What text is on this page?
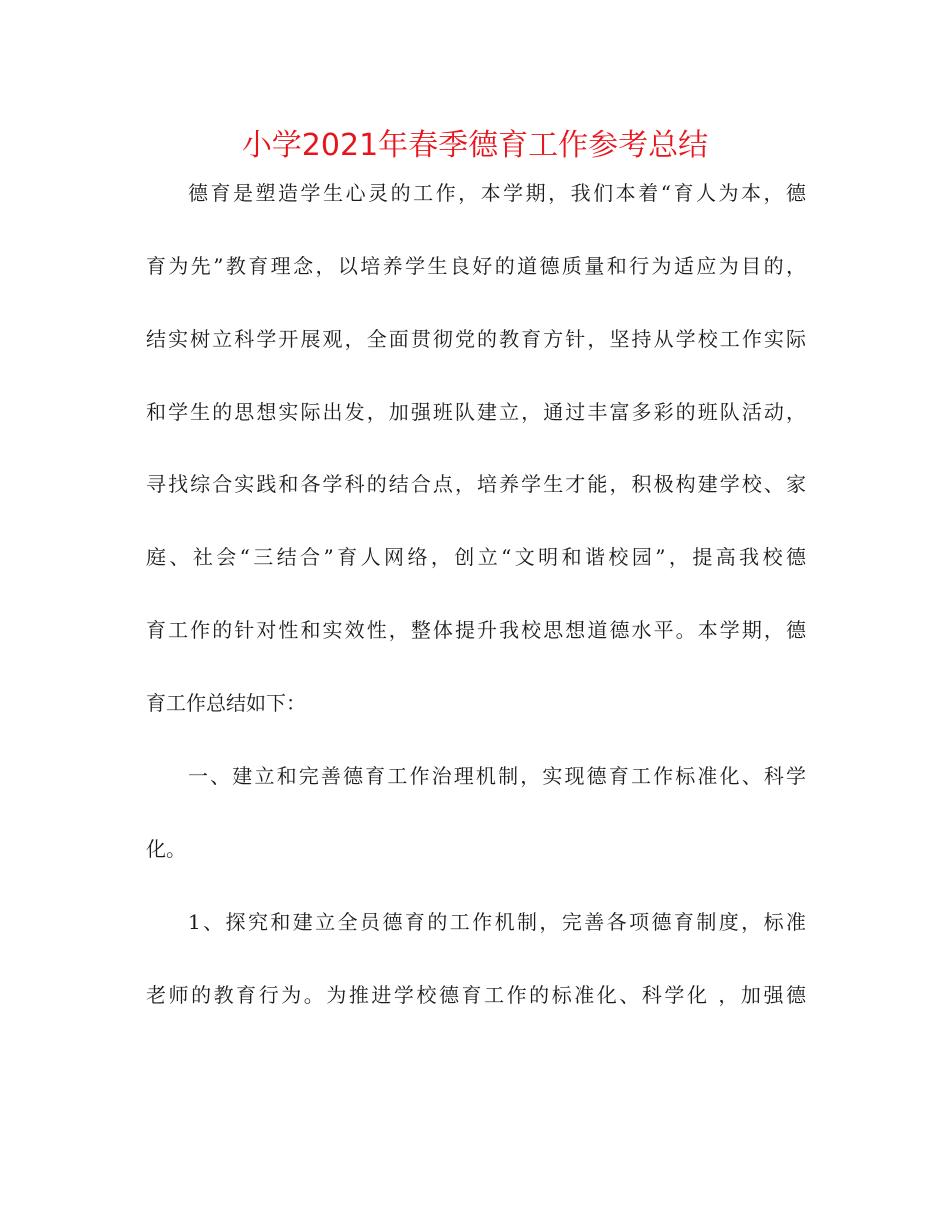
小学2021年春季德育工作参考总结
德育是塑造学生心灵的工作，本学期，我们本着“育人为本，德
育为先”教育理念，以培养学生良好的道德质量和行为适应为目的，
结实树立科学开展观，全面贯彻党的教育方针，坚持从学校工作实际
和学生的思想实际出发，加强班队建立，通过丰富多彩的班队活动，
寻找综合实践和各学科的结合点，培养学生才能，积极构建学校、家
庭、社会“三结合”育人网络，创立“文明和谐校园”，提高我校德
育工作的针对性和实效性，整体提升我校思想道德水平。本学期，德
育工作总结如下：
一、建立和完善德育工作治理机制，实现德育工作标准化、科学
化。
1、探究和建立全员德育的工作机制，完善各项德育制度，标准
老师的教育行为。为推进学校德育工作的标准化、科学化 ，加强德
